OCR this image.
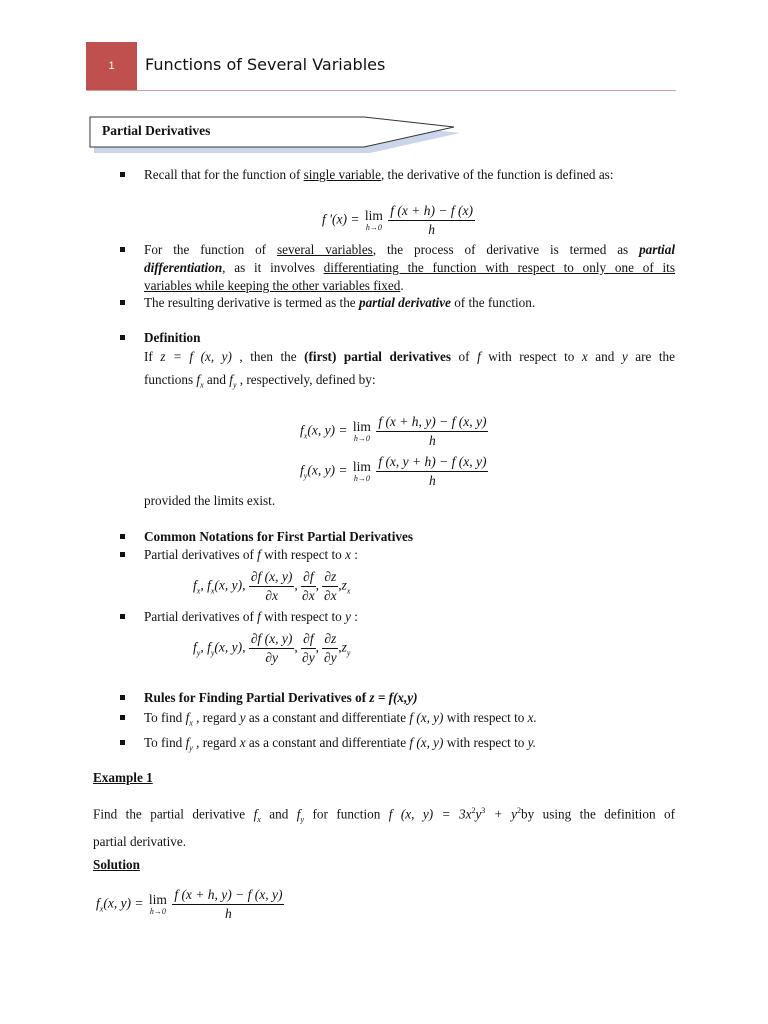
1	Functions of Several Variables
Partial Derivatives
Recall that for the function of single variable, the derivative of the function is defined as:
f '(x) = lim
h→0
$\frac{f (x + h) - f (x)}{h}$
For the function of several variables, the process of derivative is termed as partial
differentiation, as it involves differentiating the function with respect to only one of its
variables while keeping the other variables fixed.
The resulting derivative is termed as the partial derivative of the function.
Definition
If z = f (x, y) , then the (first) partial derivatives of f with respect to x and y are the
functions $f_x$ and $f_y$ , respectively, defined by:
$f_x(x$, y) = lim
h→0
$\frac{f (x + h, y) - f (x, y)}{h}$
$f_y(x$, y) = lim
h→0
$\frac{f (x, y + h) - f (x, y)}{h}$
provided the limits exist.
Common Notations for First Partial Derivatives
Partial derivatives of f with respect to x :
$f_x$, $f_x(x$, y), $\frac{\partial f (x, y)}{\partial x}$ , $\frac{\partial f}{\partial x}$ , $\frac{\partial z}{\partial x} ,z_x$
Partial derivatives of f with respect to y :
$f_y$, $f_y(x$, y), $\frac{\partial f (x, y)}{\partial y}$ , $\frac{\partial f}{\partial y}$ , $\frac{\partial z}{\partial y} ,z_y$
Rules for Finding Partial Derivatives of z = f(x,y)
To find $f_x$ , regard y as a constant and differentiate f (x, y) with respect to x.
To find $f_y$ , regard x as a constant and differentiate f (x, y) with respect to y.
Example 1
Find the partial derivative $f_x$ and $f_y$ for function f (x, $y) = 3x^2y^3 + y^2by$ using the definition of
partial derivative.
Solution
$f_x(x$, y) = lim
h→0
$\frac{f (x + h, y) - f (x, y)}{h}$
